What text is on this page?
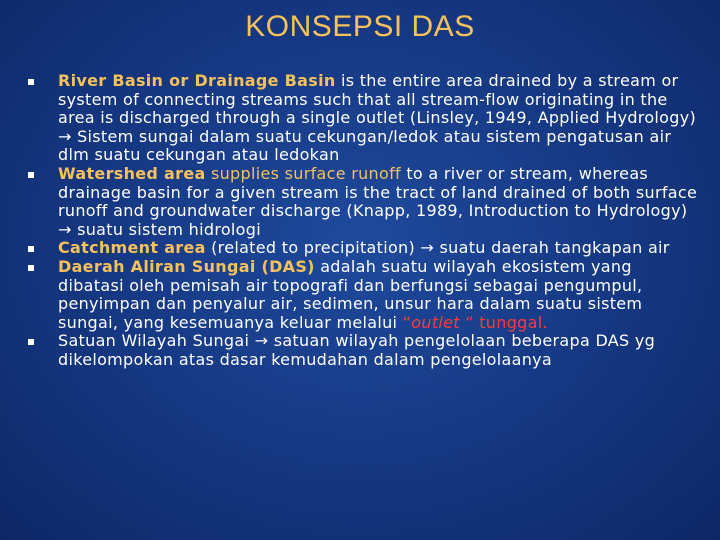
KONSEPSI DAS
River Basin or Drainage Basin is the entire area drained by a stream or system of connecting streams such that all stream-flow originating in the area is discharged through a single outlet (Linsley, 1949, Applied Hydrology) → Sistem sungai dalam suatu cekungan/ledok atau sistem pengatusan air dlm suatu cekungan atau ledokan
Watershed area supplies surface runoff to a river or stream, whereas drainage basin for a given stream is the tract of land drained of both surface runoff and groundwater discharge (Knapp, 1989, Introduction to Hydrology) → suatu sistem hidrologi
Catchment area (related to precipitation) → suatu daerah tangkapan air
Daerah Aliran Sungai (DAS) adalah suatu wilayah ekosistem yang dibatasi oleh pemisah air topografi dan berfungsi sebagai pengumpul, penyimpan dan penyalur air, sedimen, unsur hara dalam suatu sistem sungai, yang kesemuanya keluar melalui “outlet “ tunggal.
Satuan Wilayah Sungai → satuan wilayah pengelolaan beberapa DAS yg dikelompokan atas dasar kemudahan dalam pengelolaanya
